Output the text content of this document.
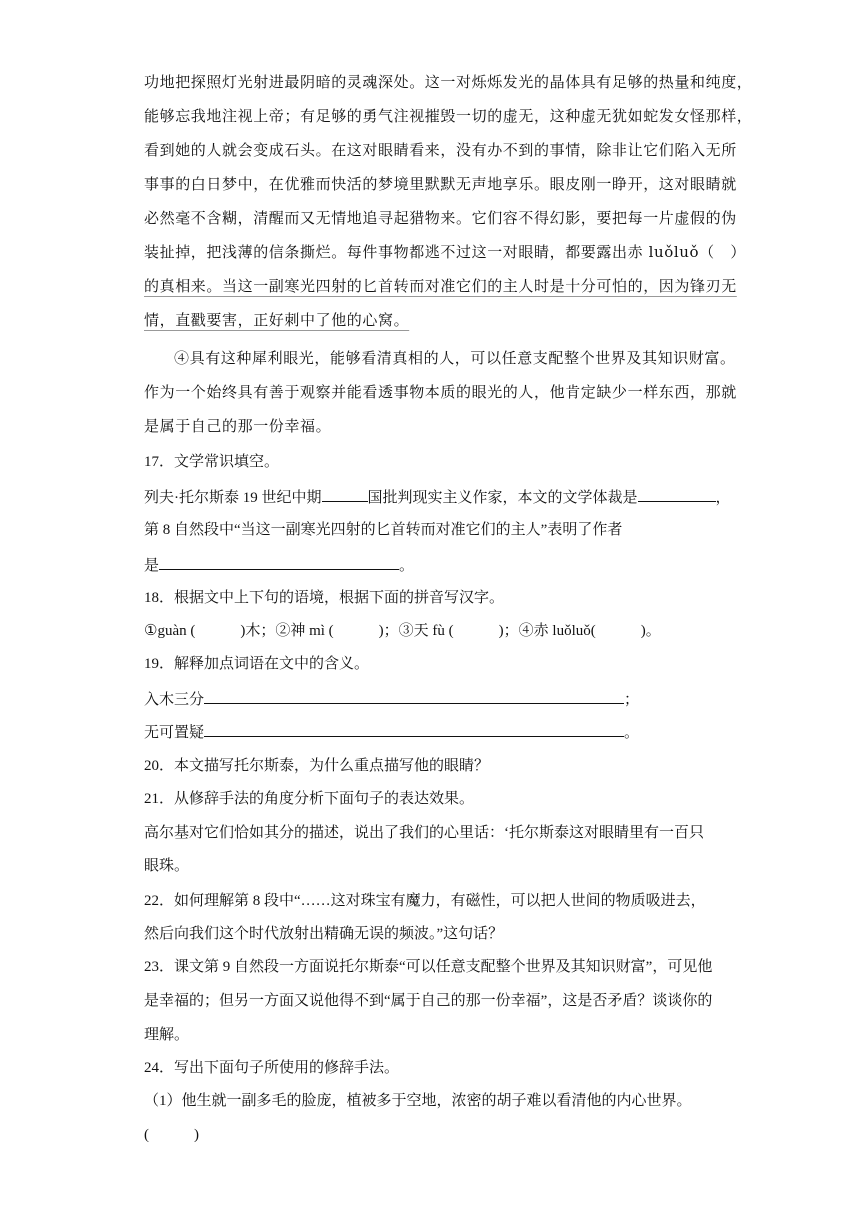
功地把探照灯光射进最阴暗的灵魂深处。这一对烁烁发光的晶体具有足够的热量和纯度，
能够忘我地注视上帝；有足够的勇气注视摧毁一切的虚无，这种虚无犹如蛇发女怪那样，
看到她的人就会变成石头。在这对眼睛看来，没有办不到的事情，除非让它们陷入无所
事事的白日梦中，在优雅而快活的梦境里默默无声地享乐。眼皮刚一睁开，这对眼睛就
必然毫不含糊，清醒而又无情地追寻起猎物来。它们容不得幻影，要把每一片虚假的伪
装扯掉，把浅薄的信条撕烂。每件事物都逃不过这一对眼睛，都要露出赤 luǒluǒ（　）
的真相来。当这一副寒光四射的匕首转而对准它们的主人时是十分可怕的，因为锋刃无
情，直戳要害，正好刺中了他的心窝。
④具有这种犀利眼光，能够看清真相的人，可以任意支配整个世界及其知识财富。
作为一个始终具有善于观察并能看透事物本质的眼光的人，他肯定缺少一样东西，那就
是属于自己的那一份幸福。
17．文学常识填空。
列夫·托尔斯泰 19 世纪中期	国批判现实主义作家，本文的文学体裁是	，
第 8 自然段中“当这一副寒光四射的匕首转而对准它们的主人”表明了作者
是	。
18．根据文中上下句的语境，根据下面的拼音写汉字。
①guàn (　　　)木；②神 mì (　　　)；③天 fù (　　　)；④赤 luǒluǒ(　　　)。
19．解释加点词语在文中的含义。
入木三分	；
无可置疑	。
20．本文描写托尔斯泰，为什么重点描写他的眼睛？
21．从修辞手法的角度分析下面句子的表达效果。
高尔基对它们恰如其分的描述，说出了我们的心里话：‘托尔斯泰这对眼睛里有一百只
眼珠。
22．如何理解第 8 段中“……这对珠宝有魔力，有磁性，可以把人世间的物质吸进去，
然后向我们这个时代放射出精确无误的频波。”这句话？
23．课文第 9 自然段一方面说托尔斯泰“可以任意支配整个世界及其知识财富”，可见他
是幸福的；但另一方面又说他得不到“属于自己的那一份幸福”，这是否矛盾？谈谈你的
理解。
24．写出下面句子所使用的修辞手法。
（1）他生就一副多毛的脸庞，植被多于空地，浓密的胡子难以看清他的内心世界。
(　　　)
